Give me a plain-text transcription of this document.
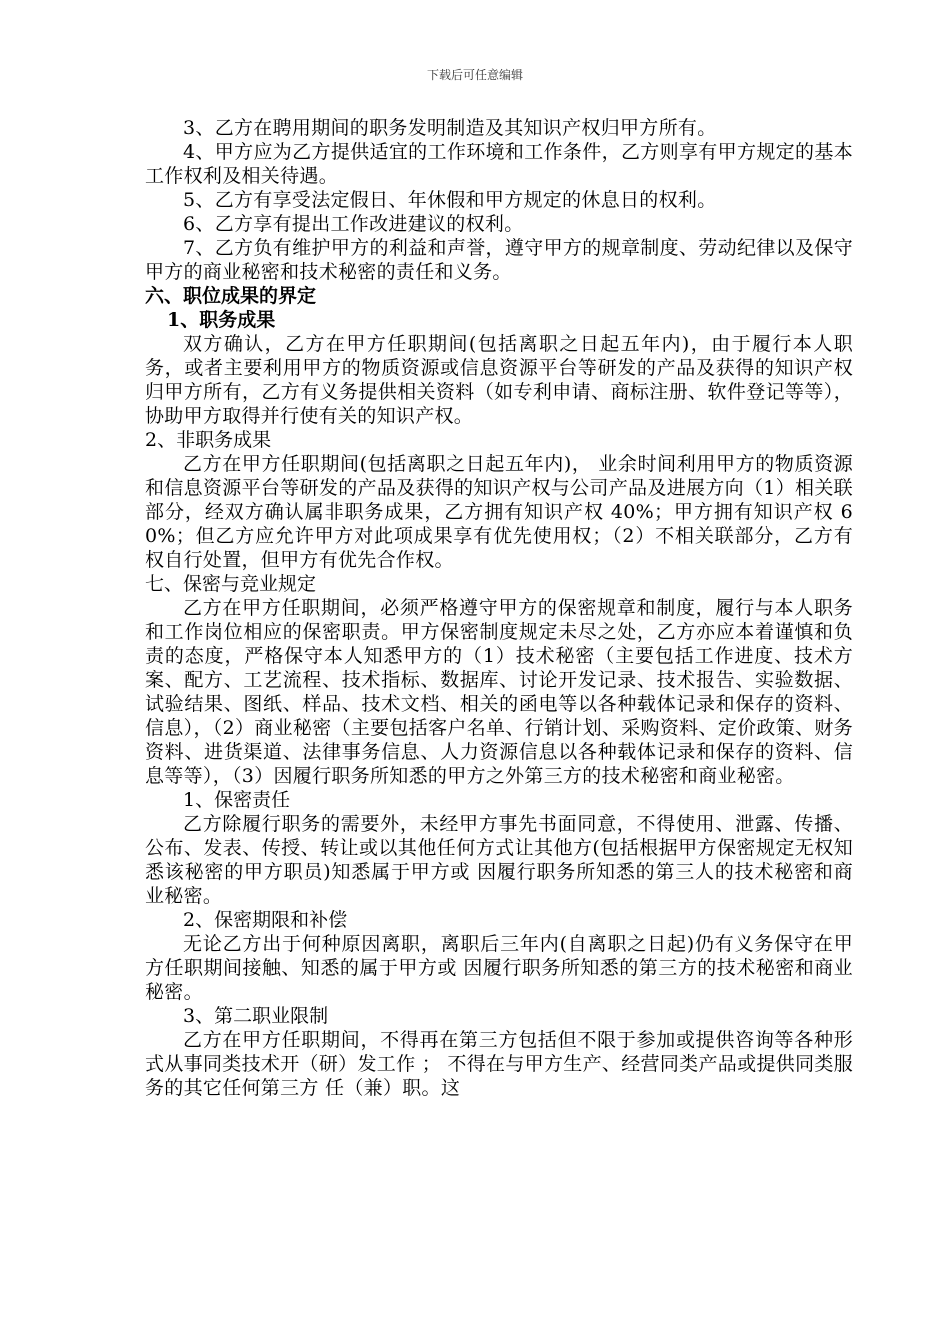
下载后可任意编辑

3、乙方在聘用期间的职务发明制造及其知识产权归甲方所有。

4、甲方应为乙方提供适宜的工作环境和工作条件，乙方则享有甲方规定的基本工作权利及相关待遇。

5、乙方有享受法定假日、年休假和甲方规定的休息日的权利。

6、乙方享有提出工作改进建议的权利。

7、乙方负有维护甲方的利益和声誉，遵守甲方的规章制度、劳动纪律以及保守甲方的商业秘密和技术秘密的责任和义务。

六、职位成果的界定

1、职务成果

双方确认，乙方在甲方任职期间(包括离职之日起五年内)，由于履行本人职务，或者主要利用甲方的物质资源或信息资源平台等研发的产品及获得的知识产权归甲方所有，乙方有义务提供相关资料（如专利申请、商标注册、软件登记等等），协助甲方取得并行使有关的知识产权。

2、非职务成果

乙方在甲方任职期间(包括离职之日起五年内)， 业余时间利用甲方的物质资源和信息资源平台等研发的产品及获得的知识产权与公司产品及进展方向（1）相关联部分，经双方确认属非职务成果，乙方拥有知识产权 40%；甲方拥有知识产权 60%；但乙方应允许甲方对此项成果享有优先使用权；（2）不相关联部分，乙方有权自行处置，但甲方有优先合作权。

七、保密与竞业规定

乙方在甲方任职期间，必须严格遵守甲方的保密规章和制度，履行与本人职务和工作岗位相应的保密职责。甲方保密制度规定未尽之处，乙方亦应本着谨慎和负责的态度，严格保守本人知悉甲方的（1）技术秘密（主要包括工作进度、技术方案、配方、工艺流程、技术指标、数据库、讨论开发记录、技术报告、实验数据、试验结果、图纸、样品、技术文档、相关的函电等以各种载体记录和保存的资料、信息），（2）商业秘密（主要包括客户名单、行销计划、采购资料、定价政策、财务资料、进货渠道、法律事务信息、人力资源信息以各种载体记录和保存的资料、信息等等），（3）因履行职务所知悉的甲方之外第三方的技术秘密和商业秘密。

1、保密责任

乙方除履行职务的需要外，未经甲方事先书面同意，不得使用、泄露、传播、公布、发表、传授、转让或以其他任何方式让其他方(包括根据甲方保密规定无权知悉该秘密的甲方职员)知悉属于甲方或 因履行职务所知悉的第三人的技术秘密和商业秘密。

2、保密期限和补偿

无论乙方出于何种原因离职，离职后三年内(自离职之日起)仍有义务保守在甲方任职期间接触、知悉的属于甲方或 因履行职务所知悉的第三方的技术秘密和商业秘密。

3、第二职业限制

乙方在甲方任职期间，不得再在第三方包括但不限于参加或提供咨询等各种形式从事同类技术开（研）发工作 ； 不得在与甲方生产、经营同类产品或提供同类服务的其它任何第三方 任（兼）职。这
